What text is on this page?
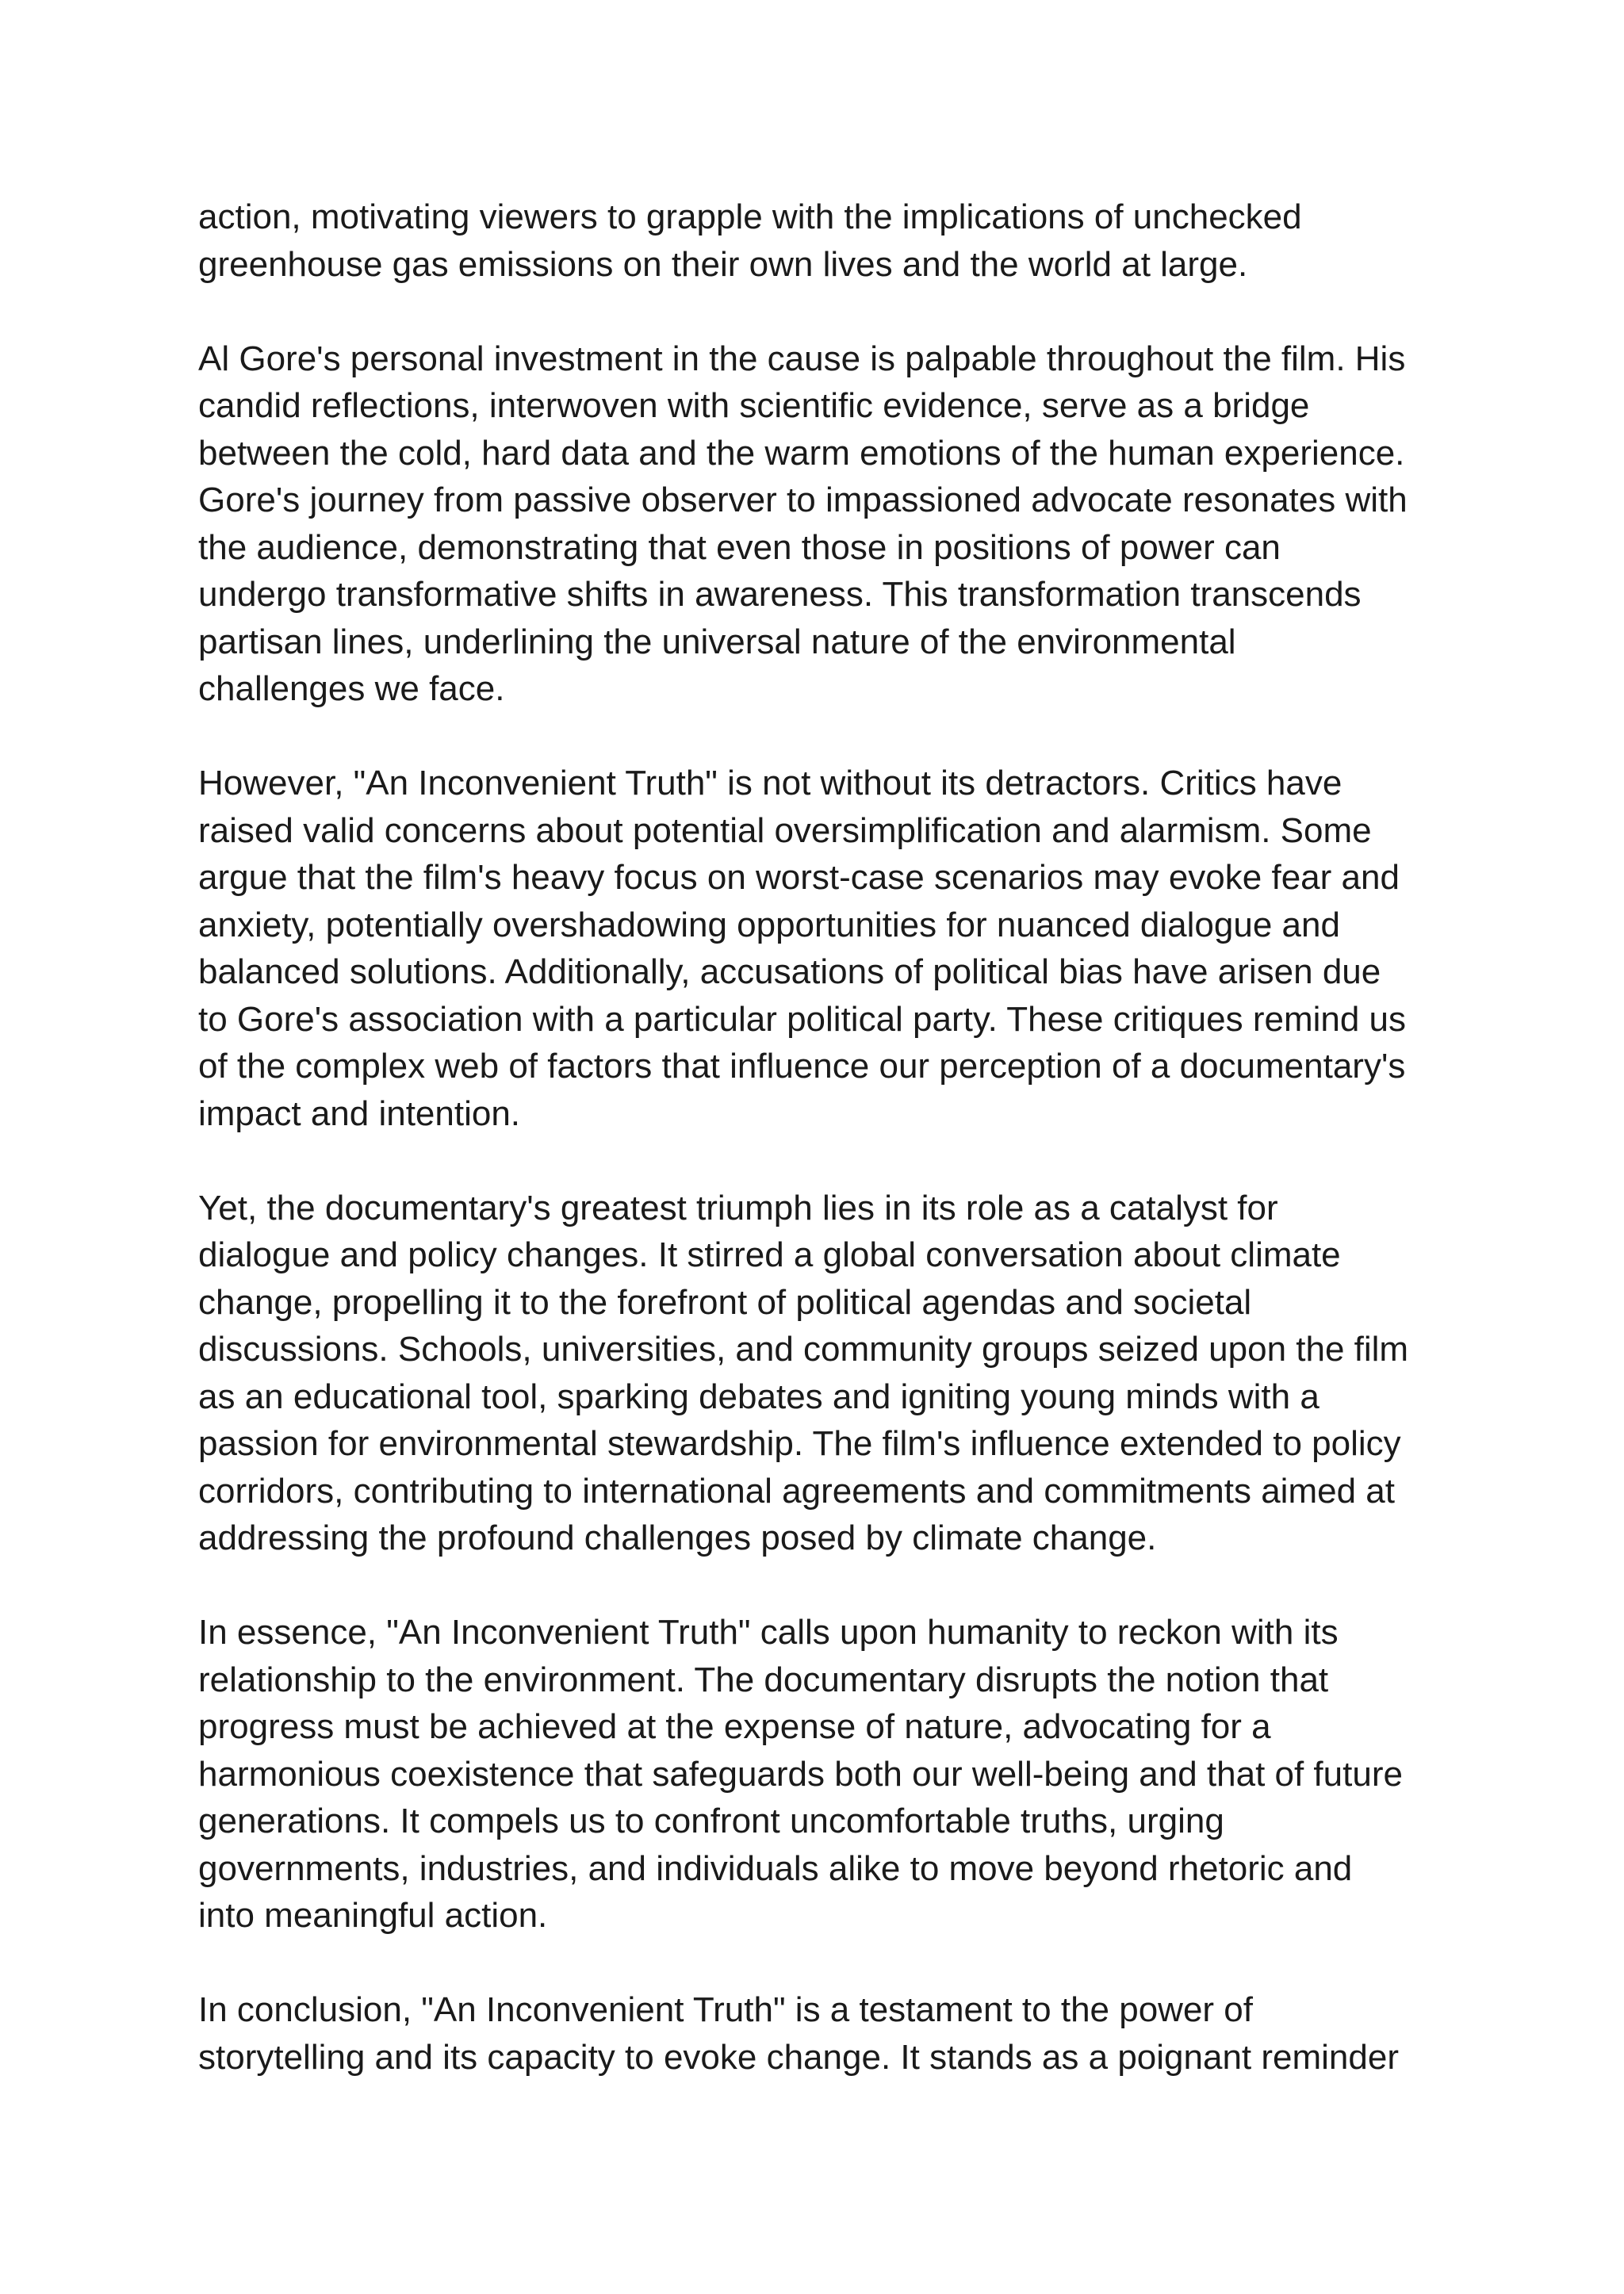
action, motivating viewers to grapple with the implications of unchecked
greenhouse gas emissions on their own lives and the world at large.

Al Gore's personal investment in the cause is palpable throughout the film. His
candid reflections, interwoven with scientific evidence, serve as a bridge
between the cold, hard data and the warm emotions of the human experience.
Gore's journey from passive observer to impassioned advocate resonates with
the audience, demonstrating that even those in positions of power can
undergo transformative shifts in awareness. This transformation transcends
partisan lines, underlining the universal nature of the environmental
challenges we face.

However, "An Inconvenient Truth" is not without its detractors. Critics have
raised valid concerns about potential oversimplification and alarmism. Some
argue that the film's heavy focus on worst-case scenarios may evoke fear and
anxiety, potentially overshadowing opportunities for nuanced dialogue and
balanced solutions. Additionally, accusations of political bias have arisen due
to Gore's association with a particular political party. These critiques remind us
of the complex web of factors that influence our perception of a documentary's
impact and intention.

Yet, the documentary's greatest triumph lies in its role as a catalyst for
dialogue and policy changes. It stirred a global conversation about climate
change, propelling it to the forefront of political agendas and societal
discussions. Schools, universities, and community groups seized upon the film
as an educational tool, sparking debates and igniting young minds with a
passion for environmental stewardship. The film's influence extended to policy
corridors, contributing to international agreements and commitments aimed at
addressing the profound challenges posed by climate change.

In essence, "An Inconvenient Truth" calls upon humanity to reckon with its
relationship to the environment. The documentary disrupts the notion that
progress must be achieved at the expense of nature, advocating for a
harmonious coexistence that safeguards both our well-being and that of future
generations. It compels us to confront uncomfortable truths, urging
governments, industries, and individuals alike to move beyond rhetoric and
into meaningful action.

In conclusion, "An Inconvenient Truth" is a testament to the power of
storytelling and its capacity to evoke change. It stands as a poignant reminder
